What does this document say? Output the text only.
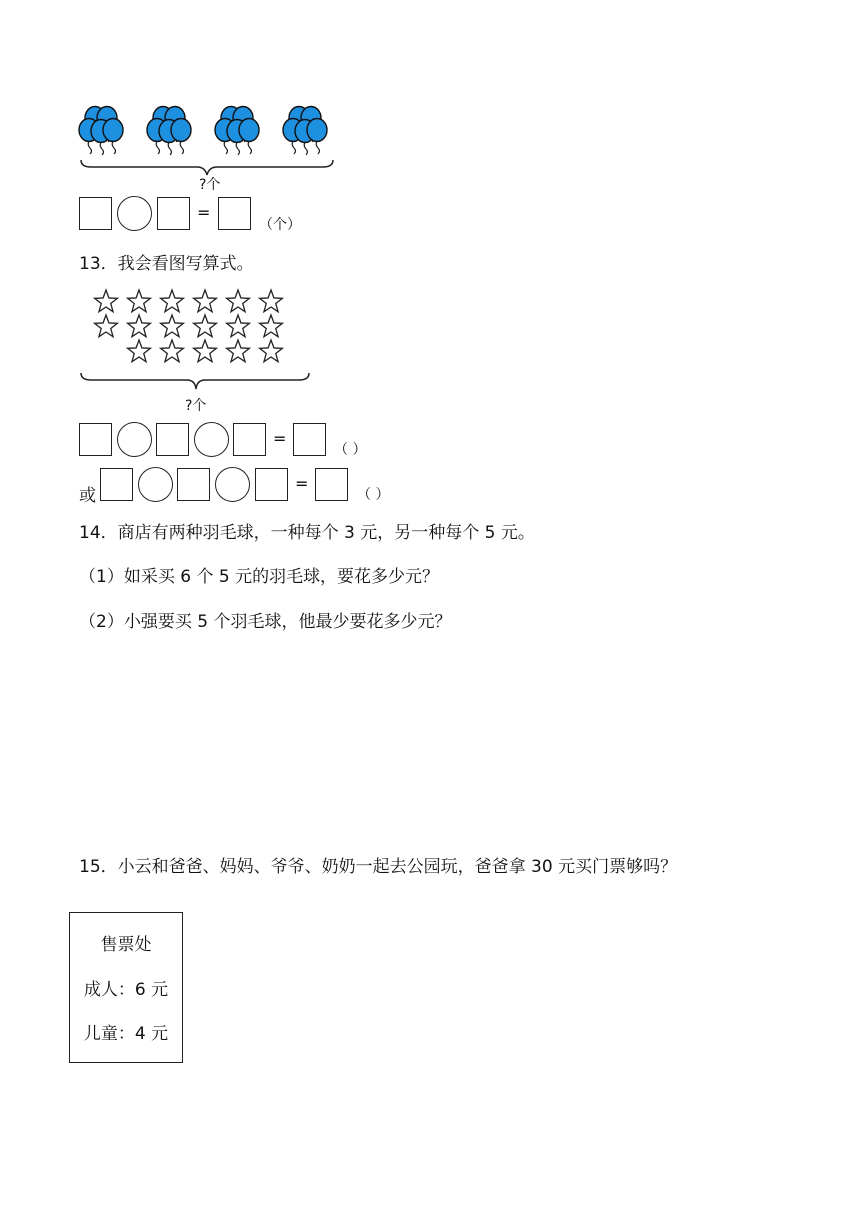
?个
=
（个）
13．我会看图写算式。
?个
=
（ ）
或
=
（ ）
14．商店有两种羽毛球，一种每个 3 元，另一种每个 5 元。
（1）如采买 6 个 5 元的羽毛球，要花多少元？
（2）小强要买 5 个羽毛球，他最少要花多少元？
15．小云和爸爸、妈妈、爷爷、奶奶一起去公园玩，爸爸拿 30 元买门票够吗？
售票处
成人：6 元
儿童：4 元
